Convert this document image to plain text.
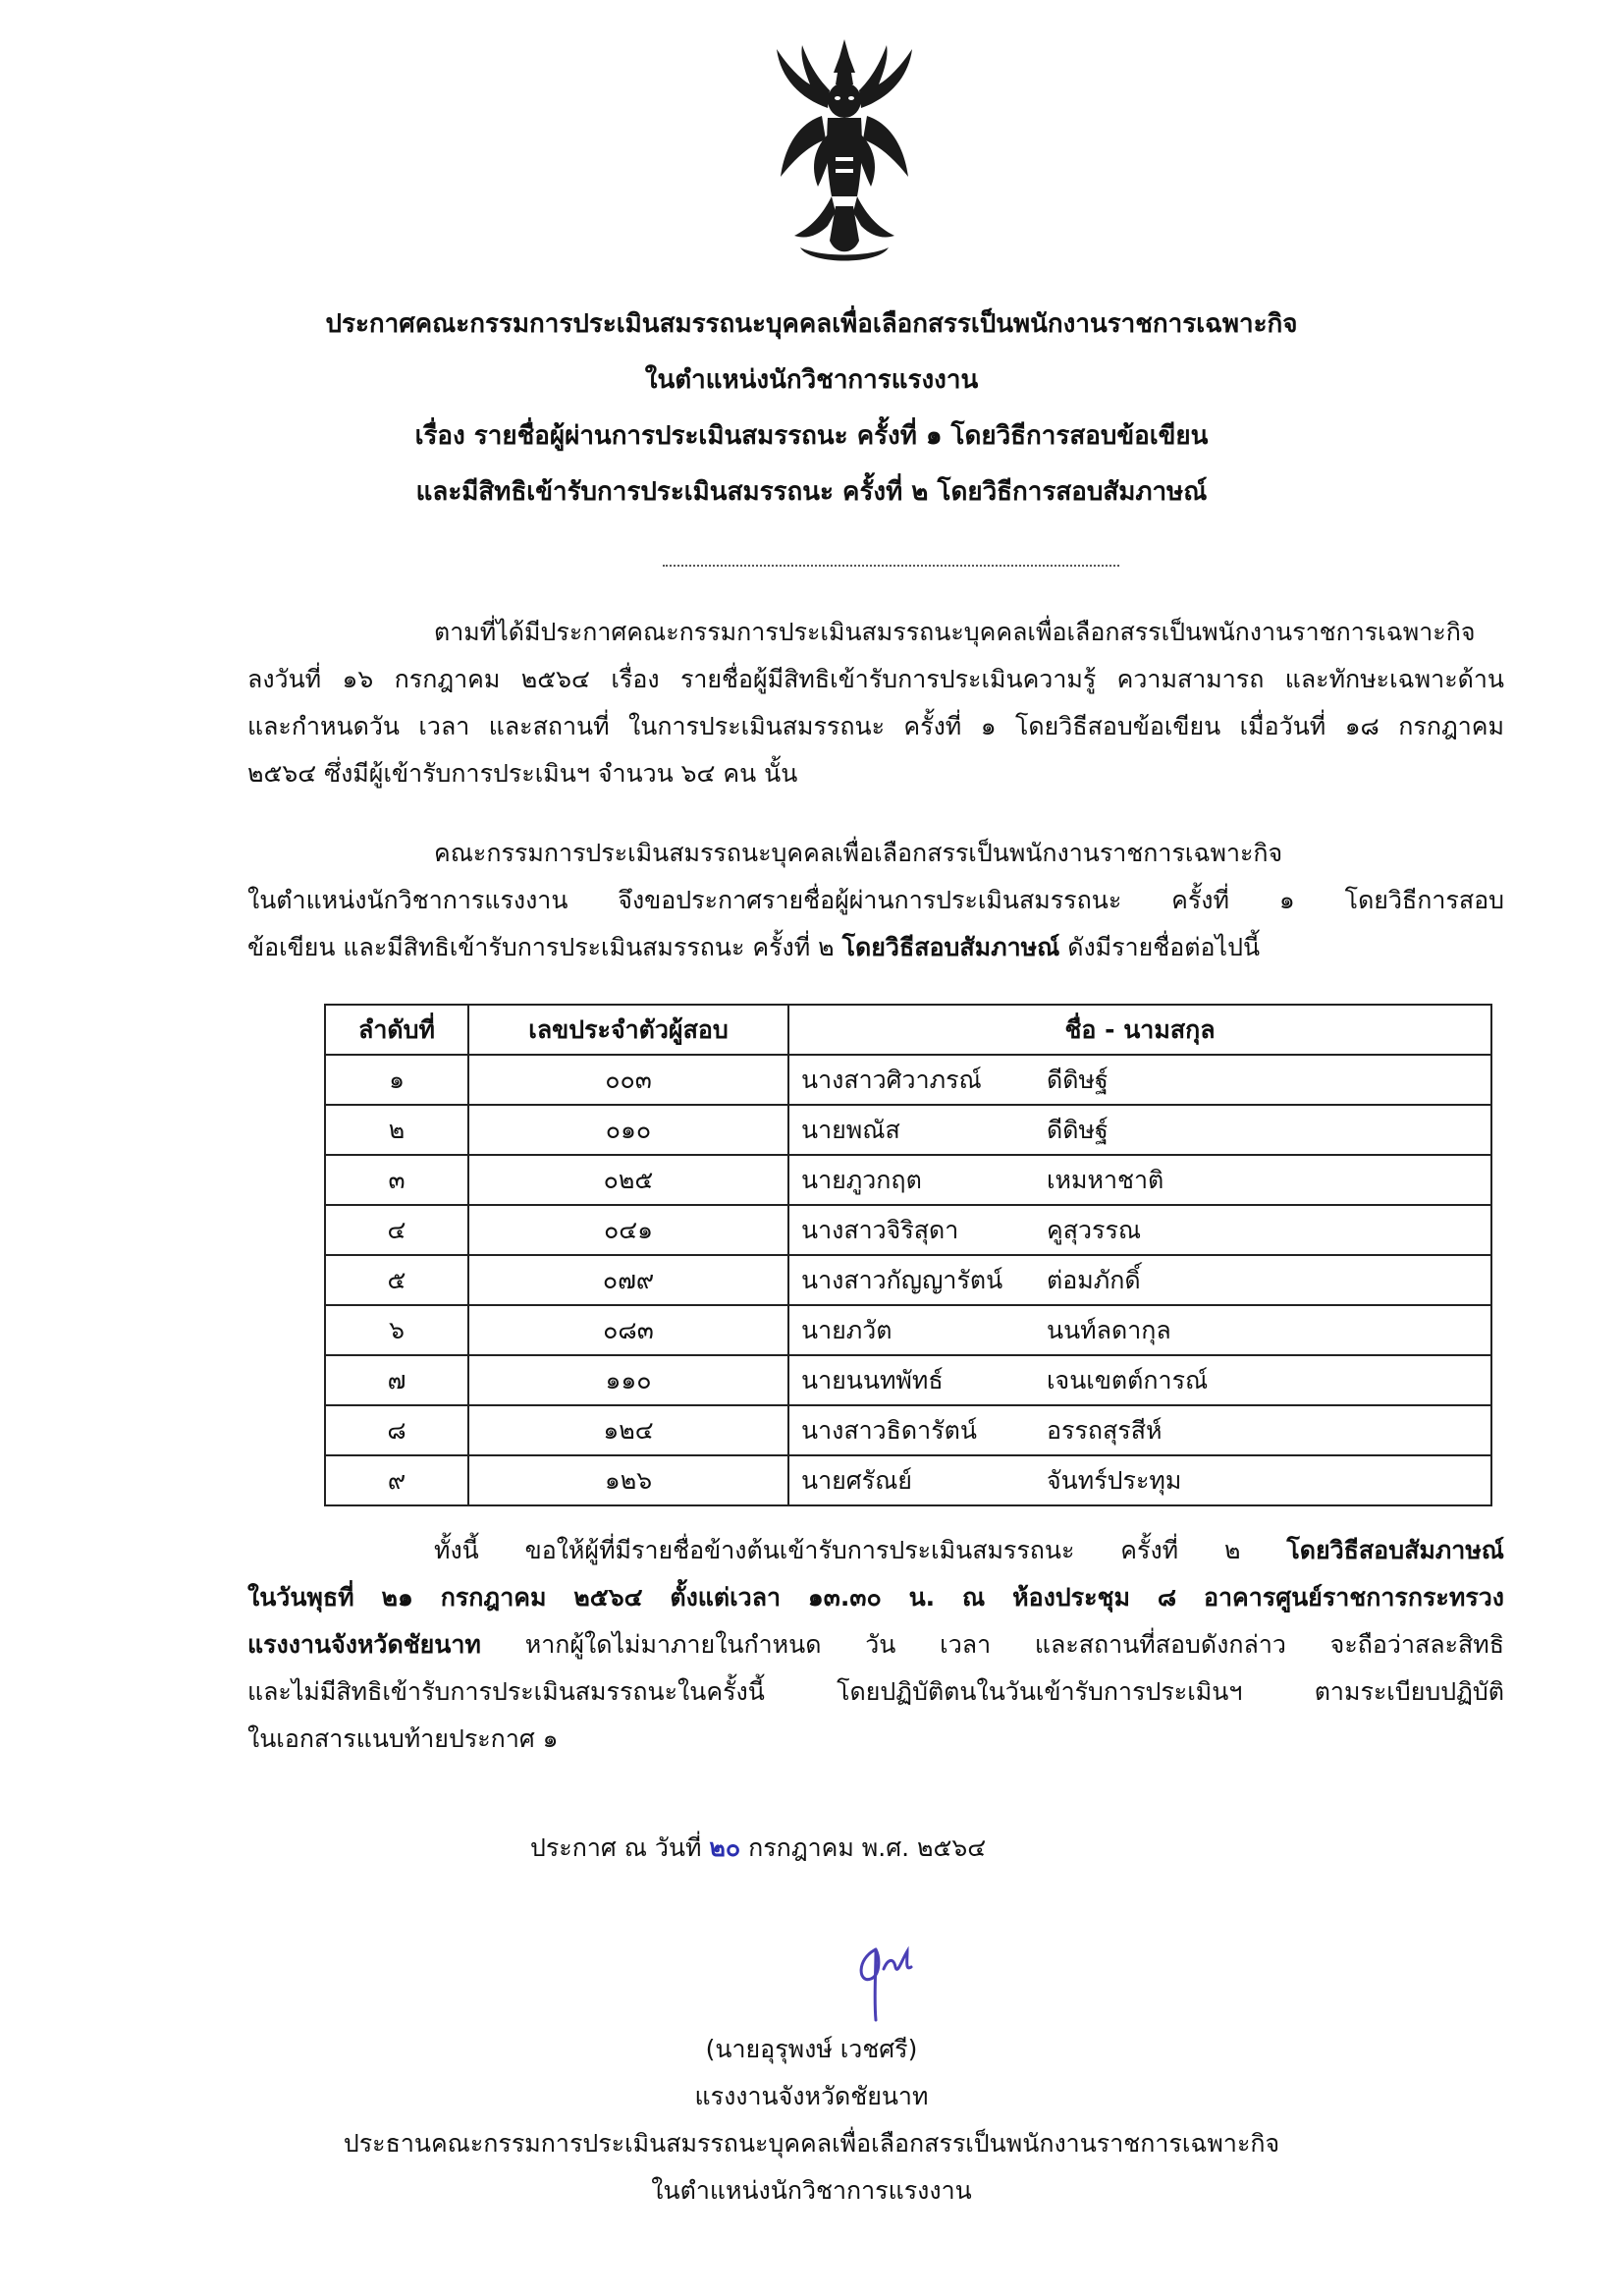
ประกาศคณะกรรมการประเมินสมรรถนะบุคคลเพื่อเลือกสรรเป็นพนักงานราชการเฉพาะกิจ
ในตำแหน่งนักวิชาการแรงงาน
เรื่อง รายชื่อผู้ผ่านการประเมินสมรรถนะ ครั้งที่ ๑ โดยวิธีการสอบข้อเขียน
และมีสิทธิเข้ารับการประเมินสมรรถนะ ครั้งที่ ๒ โดยวิธีการสอบสัมภาษณ์
ตามที่ได้มีประกาศคณะกรรมการประเมินสมรรถนะบุคคลเพื่อเลือกสรรเป็นพนักงานราชการเฉพาะกิจ
ลงวันที่ ๑๖ กรกฎาคม ๒๕๖๔ เรื่อง รายชื่อผู้มีสิทธิเข้ารับการประเมินความรู้ ความสามารถ และทักษะเฉพาะด้าน
และกำหนดวัน เวลา และสถานที่ ในการประเมินสมรรถนะ ครั้งที่ ๑ โดยวิธีสอบข้อเขียน เมื่อวันที่ ๑๘ กรกฎาคม
๒๕๖๔ ซึ่งมีผู้เข้ารับการประเมินฯ จำนวน ๖๔ คน นั้น
คณะกรรมการประเมินสมรรถนะบุคคลเพื่อเลือกสรรเป็นพนักงานราชการเฉพาะกิจ
ในตำแหน่งนักวิชาการแรงงาน จึงขอประกาศรายชื่อผู้ผ่านการประเมินสมรรถนะ ครั้งที่ ๑ โดยวิธีการสอบ
ข้อเขียน และมีสิทธิเข้ารับการประเมินสมรรถนะ ครั้งที่ ๒ โดยวิธีสอบสัมภาษณ์ ดังมีรายชื่อต่อไปนี้
ลำดับที่	เลขประจำตัวผู้สอบ	ชื่อ - นามสกุล
๑	๐๐๓	นางสาวศิวาภรณ์ ดีดิษฐ์
๒	๐๑๐	นายพณัส ดีดิษฐ์
๓	๐๒๕	นายภูวกฤต เหมหาชาติ
๔	๐๔๑	นางสาวจิริสุดา คูสุวรรณ
๕	๐๗๙	นางสาวกัญญารัตน์ ต่อมภักดิ์
๖	๐๘๓	นายภวัต นนท์ลดากุล
๗	๑๑๐	นายนนทพัทธ์ เจนเขตต์การณ์
๘	๑๒๔	นางสาวธิดารัตน์ อรรถสุรสีห์
๙	๑๒๖	นายศรัณย์ จันทร์ประทุม
ทั้งนี้ ขอให้ผู้ที่มีรายชื่อข้างต้นเข้ารับการประเมินสมรรถนะ ครั้งที่ ๒ โดยวิธีสอบสัมภาษณ์
ในวันพุธที่ ๒๑ กรกฎาคม ๒๕๖๔ ตั้งแต่เวลา ๑๓.๓๐ น. ณ ห้องประชุม ๘ อาคารศูนย์ราชการกระทรวง
แรงงานจังหวัดชัยนาท หากผู้ใดไม่มาภายในกำหนด วัน เวลา และสถานที่สอบดังกล่าว จะถือว่าสละสิทธิ
และไม่มีสิทธิเข้ารับการประเมินสมรรถนะในครั้งนี้ โดยปฏิบัติตนในวันเข้ารับการประเมินฯ ตามระเบียบปฏิบัติ
ในเอกสารแนบท้ายประกาศ ๑
ประกาศ ณ วันที่ ๒๐ กรกฎาคม พ.ศ. ๒๕๖๔
(นายอุรุพงษ์ เวชศรี)
แรงงานจังหวัดชัยนาท
ประธานคณะกรรมการประเมินสมรรถนะบุคคลเพื่อเลือกสรรเป็นพนักงานราชการเฉพาะกิจ
ในตำแหน่งนักวิชาการแรงงาน
